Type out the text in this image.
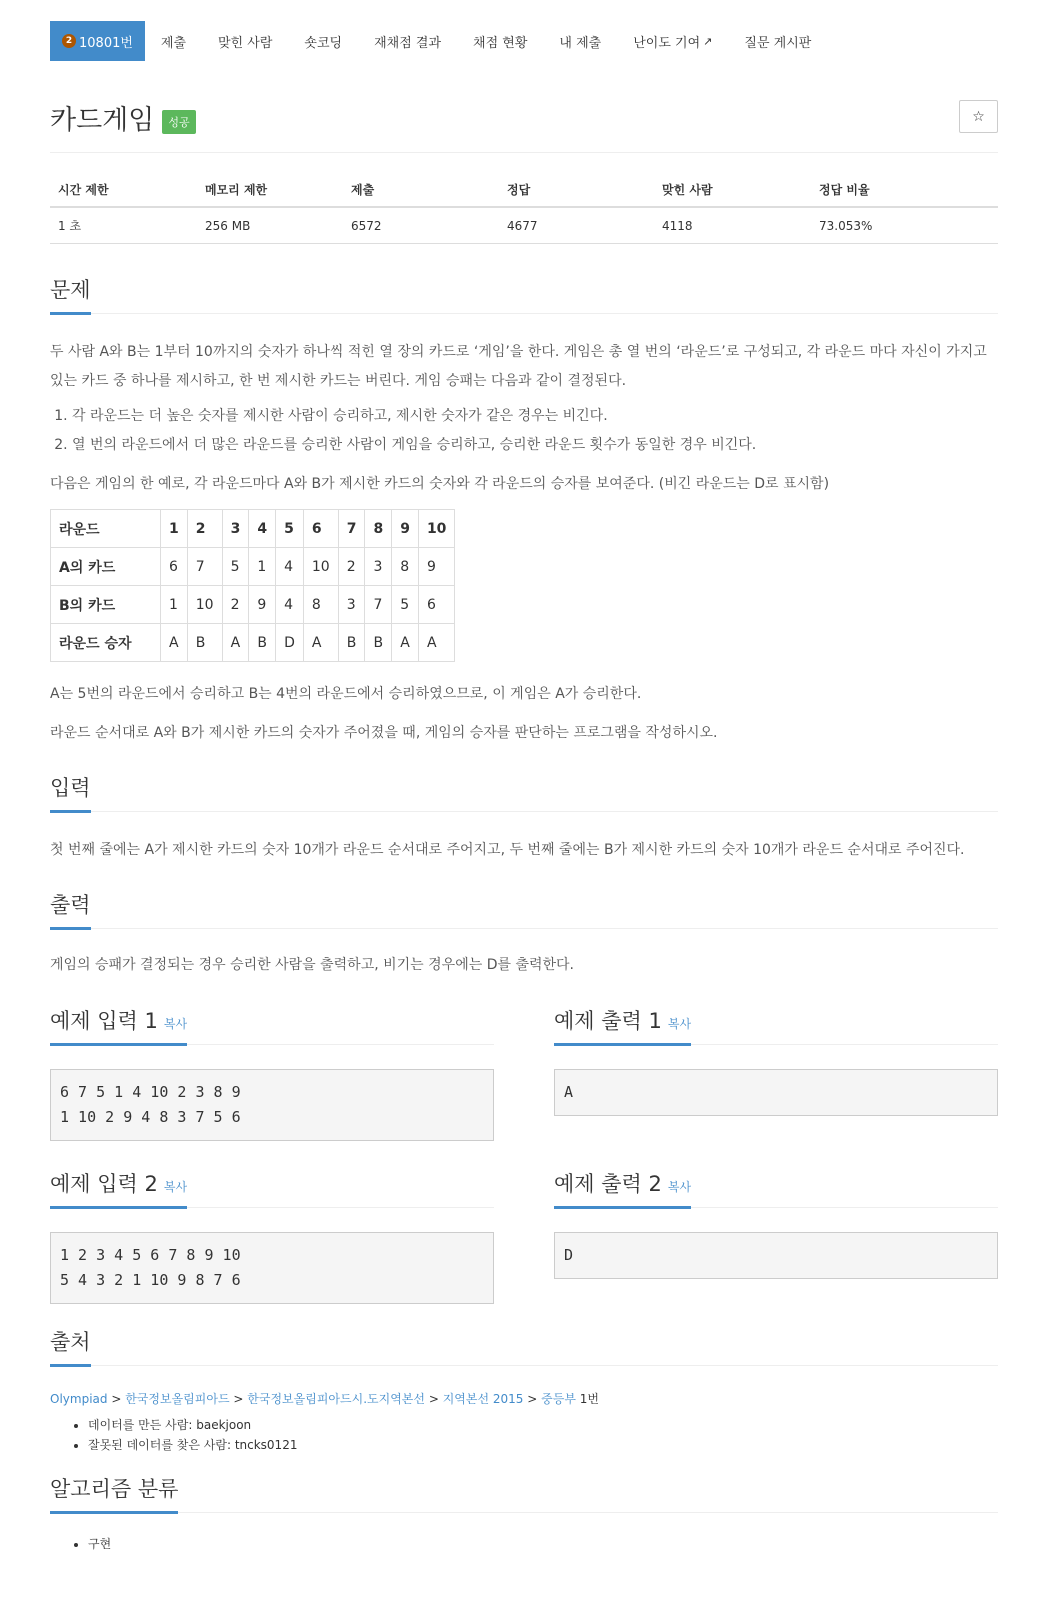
2 10801번	제출	맞힌 사람	숏코딩	재채점 결과	채점 현황	내 제출	난이도 기여 ↗	질문 게시판
카드게임	성공	☆
시간 제한	메모리 제한	제출	정답	맞힌 사람	정답 비율
1 초	256 MB	6572	4677	4118	73.053%
문제

두 사람 A와 B는 1부터 10까지의 숫자가 하나씩 적힌 열 장의 카드로 ‘게임’을 한다. 게임은 총 열 번의 ‘라운드’로 구성되고, 각 라운드 마다 자신이 가지고 있는 카드 중 하나를 제시하고, 한 번 제시한 카드는 버린다. 게임 승패는 다음과 같이 결정된다.

1. 각 라운드는 더 높은 숫자를 제시한 사람이 승리하고, 제시한 숫자가 같은 경우는 비긴다.
2. 열 번의 라운드에서 더 많은 라운드를 승리한 사람이 게임을 승리하고, 승리한 라운드 횟수가 동일한 경우 비긴다.

다음은 게임의 한 예로, 각 라운드마다 A와 B가 제시한 카드의 숫자와 각 라운드의 승자를 보여준다. (비긴 라운드는 D로 표시함)

라운드	1	2	3	4	5	6	7	8	9	10
A의 카드	6	7	5	1	4	10	2	3	8	9
B의 카드	1	10	2	9	4	8	3	7	5	6
라운드 승자	A	B	A	B	D	A	B	B	A	A

A는 5번의 라운드에서 승리하고 B는 4번의 라운드에서 승리하였으므로, 이 게임은 A가 승리한다.

라운드 순서대로 A와 B가 제시한 카드의 숫자가 주어졌을 때, 게임의 승자를 판단하는 프로그램을 작성하시오.

입력

첫 번째 줄에는 A가 제시한 카드의 숫자 10개가 라운드 순서대로 주어지고, 두 번째 줄에는 B가 제시한 카드의 숫자 10개가 라운드 순서대로 주어진다.

출력

게임의 승패가 결정되는 경우 승리한 사람을 출력하고, 비기는 경우에는 D를 출력한다.

예제 입력 1 복사
6 7 5 1 4 10 2 3 8 9
1 10 2 9 4 8 3 7 5 6
예제 출력 1 복사
A
예제 입력 2 복사
1 2 3 4 5 6 7 8 9 10
5 4 3 2 1 10 9 8 7 6
예제 출력 2 복사
D
출처
Olympiad > 한국정보올림피아드 > 한국정보올림피아드시.도지역본선 > 지역본선 2015 > 중등부 1번
• 데이터를 만든 사람: baekjoon
• 잘못된 데이터를 찾은 사람: tncks0121
알고리즘 분류
• 구현
